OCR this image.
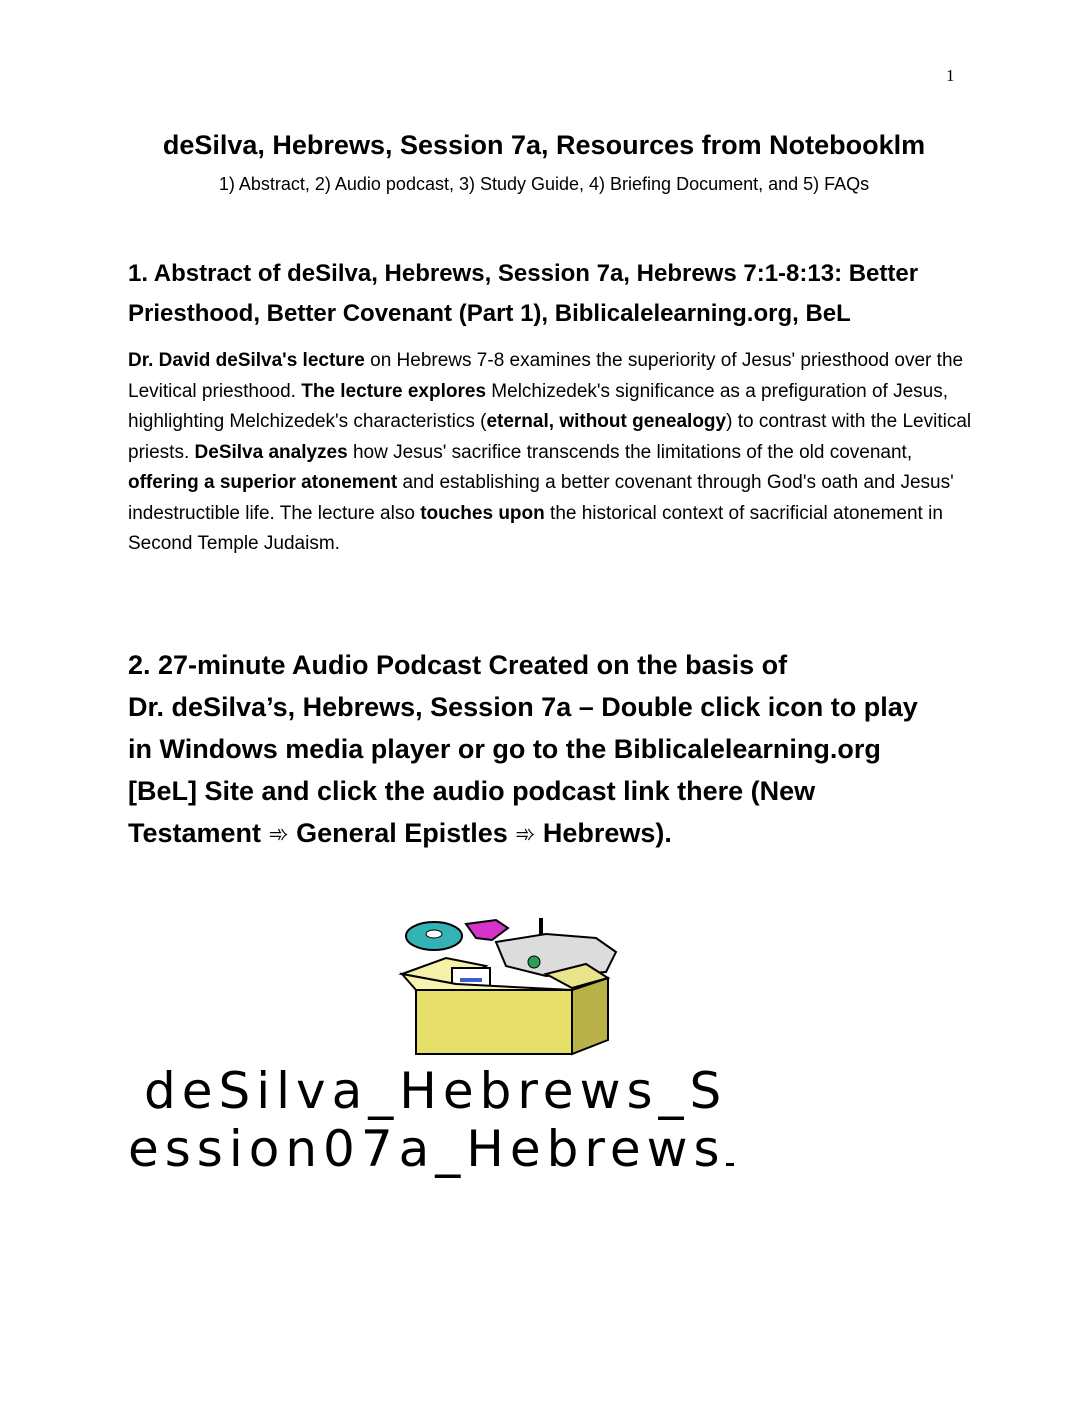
1
deSilva, Hebrews, Session 7a, Resources from Notebooklm
1) Abstract, 2) Audio podcast, 3) Study Guide, 4) Briefing Document, and 5) FAQs
1. Abstract of deSilva, Hebrews, Session 7a, Hebrews 7:1-8:13: Better
Priesthood, Better Covenant (Part 1), Biblicalelearning.org, BeL
Dr. David deSilva's lecture on Hebrews 7-8 examines the superiority of Jesus' priesthood over the Levitical priesthood. The lecture explores Melchizedek's significance as a prefiguration of Jesus, highlighting Melchizedek's characteristics (eternal, without genealogy) to contrast with the Levitical priests. DeSilva analyzes how Jesus' sacrifice transcends the limitations of the old covenant, offering a superior atonement and establishing a better covenant through God's oath and Jesus' indestructible life. The lecture also touches upon the historical context of sacrificial atonement in Second Temple Judaism.
2. 27-minute Audio Podcast Created on the basis of
Dr. deSilva’s, Hebrews, Session 7a – Double click icon to play
in Windows media player or go to the Biblicalelearning.org
[BeL] Site and click the audio podcast link there (New
Testament ➾ General Epistles ➾ Hebrews).
deSilva_Hebrews_S
ession07a_Hebrews
